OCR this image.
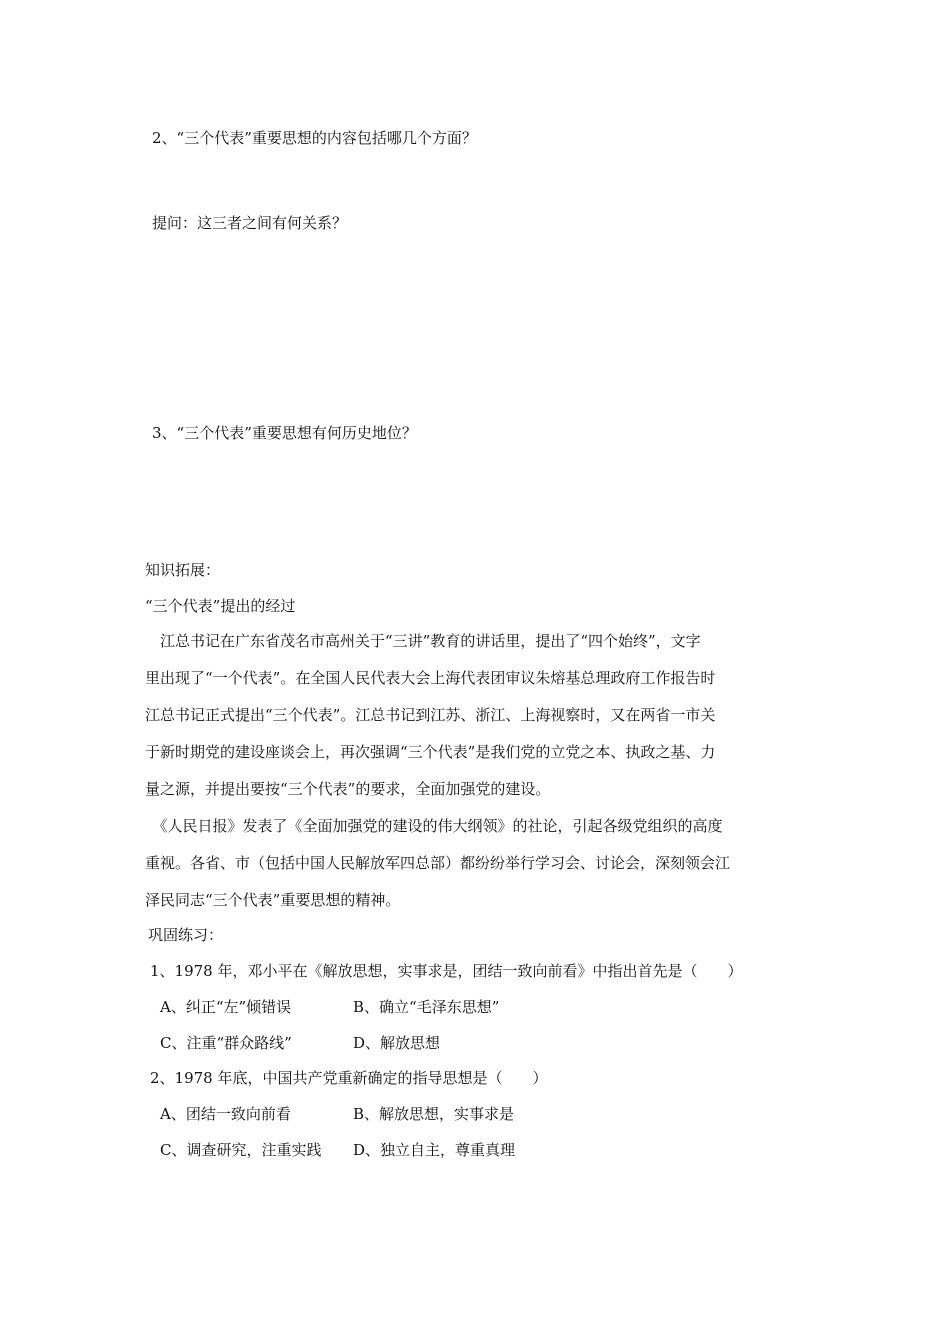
2、“三个代表”重要思想的内容包括哪几个方面？
提问：这三者之间有何关系？
3、“三个代表”重要思想有何历史地位？
知识拓展：
“三个代表”提出的经过
　江总书记在广东省茂名市高州关于“三讲”教育的讲话里，提出了“四个始终”，文字
里出现了“一个代表”。在全国人民代表大会上海代表团审议朱熔基总理政府工作报告时
江总书记正式提出“三个代表”。江总书记到江苏、浙江、上海视察时，又在两省一市关
于新时期党的建设座谈会上，再次强调“三个代表”是我们党的立党之本、执政之基、力
量之源，并提出要按“三个代表”的要求，全面加强党的建设。
　《人民日报》发表了《全面加强党的建设的伟大纲领》的社论，引起各级党组织的高度
重视。各省、市（包括中国人民解放军四总部）都纷纷举行学习会、讨论会，深刻领会江
泽民同志“三个代表”重要思想的精神。
巩固练习：
1、1978 年，邓小平在《解放思想，实事求是，团结一致向前看》中指出首先是（　　）
A、纠正“左”倾错误	B、确立“毛泽东思想”
C、注重“群众路线”	D、解放思想
2、1978 年底，中国共产党重新确定的指导思想是（　　）
A、团结一致向前看	B、解放思想，实事求是
C、调查研究，注重实践 D、独立自主，尊重真理
